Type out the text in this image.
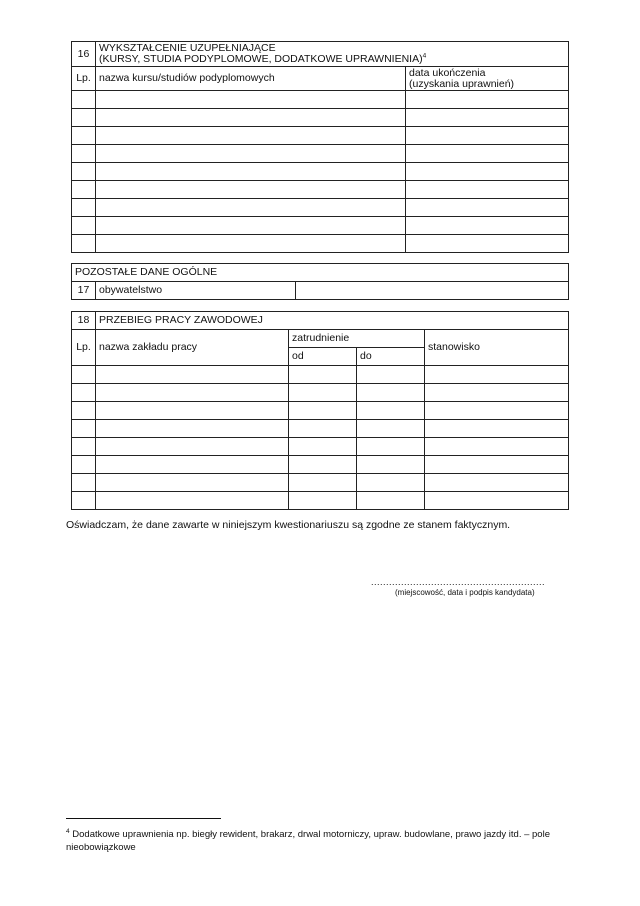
16	WYKSZTAŁCENIE UZUPEŁNIAJĄCE
(KURSY, STUDIA PODYPLOMOWE, DODATKOWE UPRAWNIENIA)$^4$

Lp.	nazwa kursu/studiów podyplomowych	data ukończenia
(uzyskania uprawnień)

POZOSTAŁE DANE OGÓLNE
17	obywatelstwo	
18	PRZEBIEG PRACY ZAWODOWEJ			
Lp.	nazwa zakładu pracy	zatrudnienie		stanowisko
		od	do	

Oświadczam, że dane zawarte w niniejszym kwestionariuszu są zgodne ze stanem faktycznym.
..........................................................
(miejscowość, data i podpis kandydata)
$^4$ Dodatkowe uprawnienia np. biegły rewident, brakarz, drwal motorniczy, upraw. budowlane, prawo jazdy itd. – pole nieobowiązkowe
